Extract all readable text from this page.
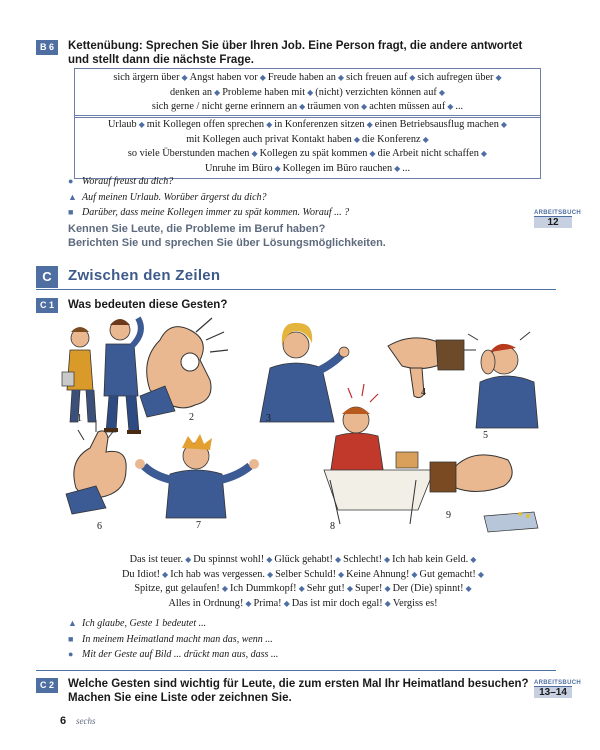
B 6	Kettenübung: Sprechen Sie über Ihren Job. Eine Person fragt, die andere antwortet

und stellt dann die nächste Frage.

sich ärgern über ◆ Angst haben vor ◆ Freude haben an ◆ sich freuen auf ◆ sich aufregen über ◆
denken an ◆ Probleme haben mit ◆ (nicht) verzichten können auf ◆
sich gerne / nicht gerne erinnern an ◆ träumen von ◆ achten müssen auf ◆ ...
Urlaub ◆ mit Kollegen offen sprechen ◆ in Konferenzen sitzen ◆ einen Betriebsausflug machen ◆
mit Kollegen auch privat Kontakt haben ◆ die Konferenz ◆
so viele Überstunden machen ◆ Kollegen zu spät kommen ◆ die Arbeit nicht schaffen ◆
Unruhe im Büro ◆ Kollegen im Büro rauchen ◆ ...
● Worauf freust du dich?
▲ Auf meinen Urlaub. Worüber ärgerst du dich?
■ Darüber, dass meine Kollegen immer zu spät kommen. Worauf ... ?

Kennen Sie Leute, die Probleme im Beruf haben?

Berichten Sie und sprechen Sie über Lösungsmöglichkeiten.

ARBEITSBUCH
12
C	Zwischen den Zeilen
C 1	Was bedeuten diese Gesten?
1	2	3
4
5
6	7	8
9
Das ist teuer. ◆ Du spinnst wohl! ◆ Glück gehabt! ◆ Schlecht! ◆ Ich hab kein Geld. ◆
Du Idiot! ◆ Ich hab was vergessen. ◆ Selber Schuld! ◆ Keine Ahnung! ◆ Gut gemacht! ◆
Spitze, gut gelaufen! ◆ Ich Dummkopf! ◆ Sehr gut! ◆ Super! ◆ Der (Die) spinnt! ◆
Alles in Ordnung! ◆ Prima! ◆ Das ist mir doch egal! ◆ Vergiss es!
▲ Ich glaube, Geste 1 bedeutet ...
■ In meinem Heimatland macht man das, wenn ...
● Mit der Geste auf Bild ... drückt man aus, dass ...
C 2	Welche Gesten sind wichtig für Leute, die zum ersten Mal Ihr Heimatland besuchen?

Machen Sie eine Liste oder zeichnen Sie.

ARBEITSBUCH
13–14
6 sechs
